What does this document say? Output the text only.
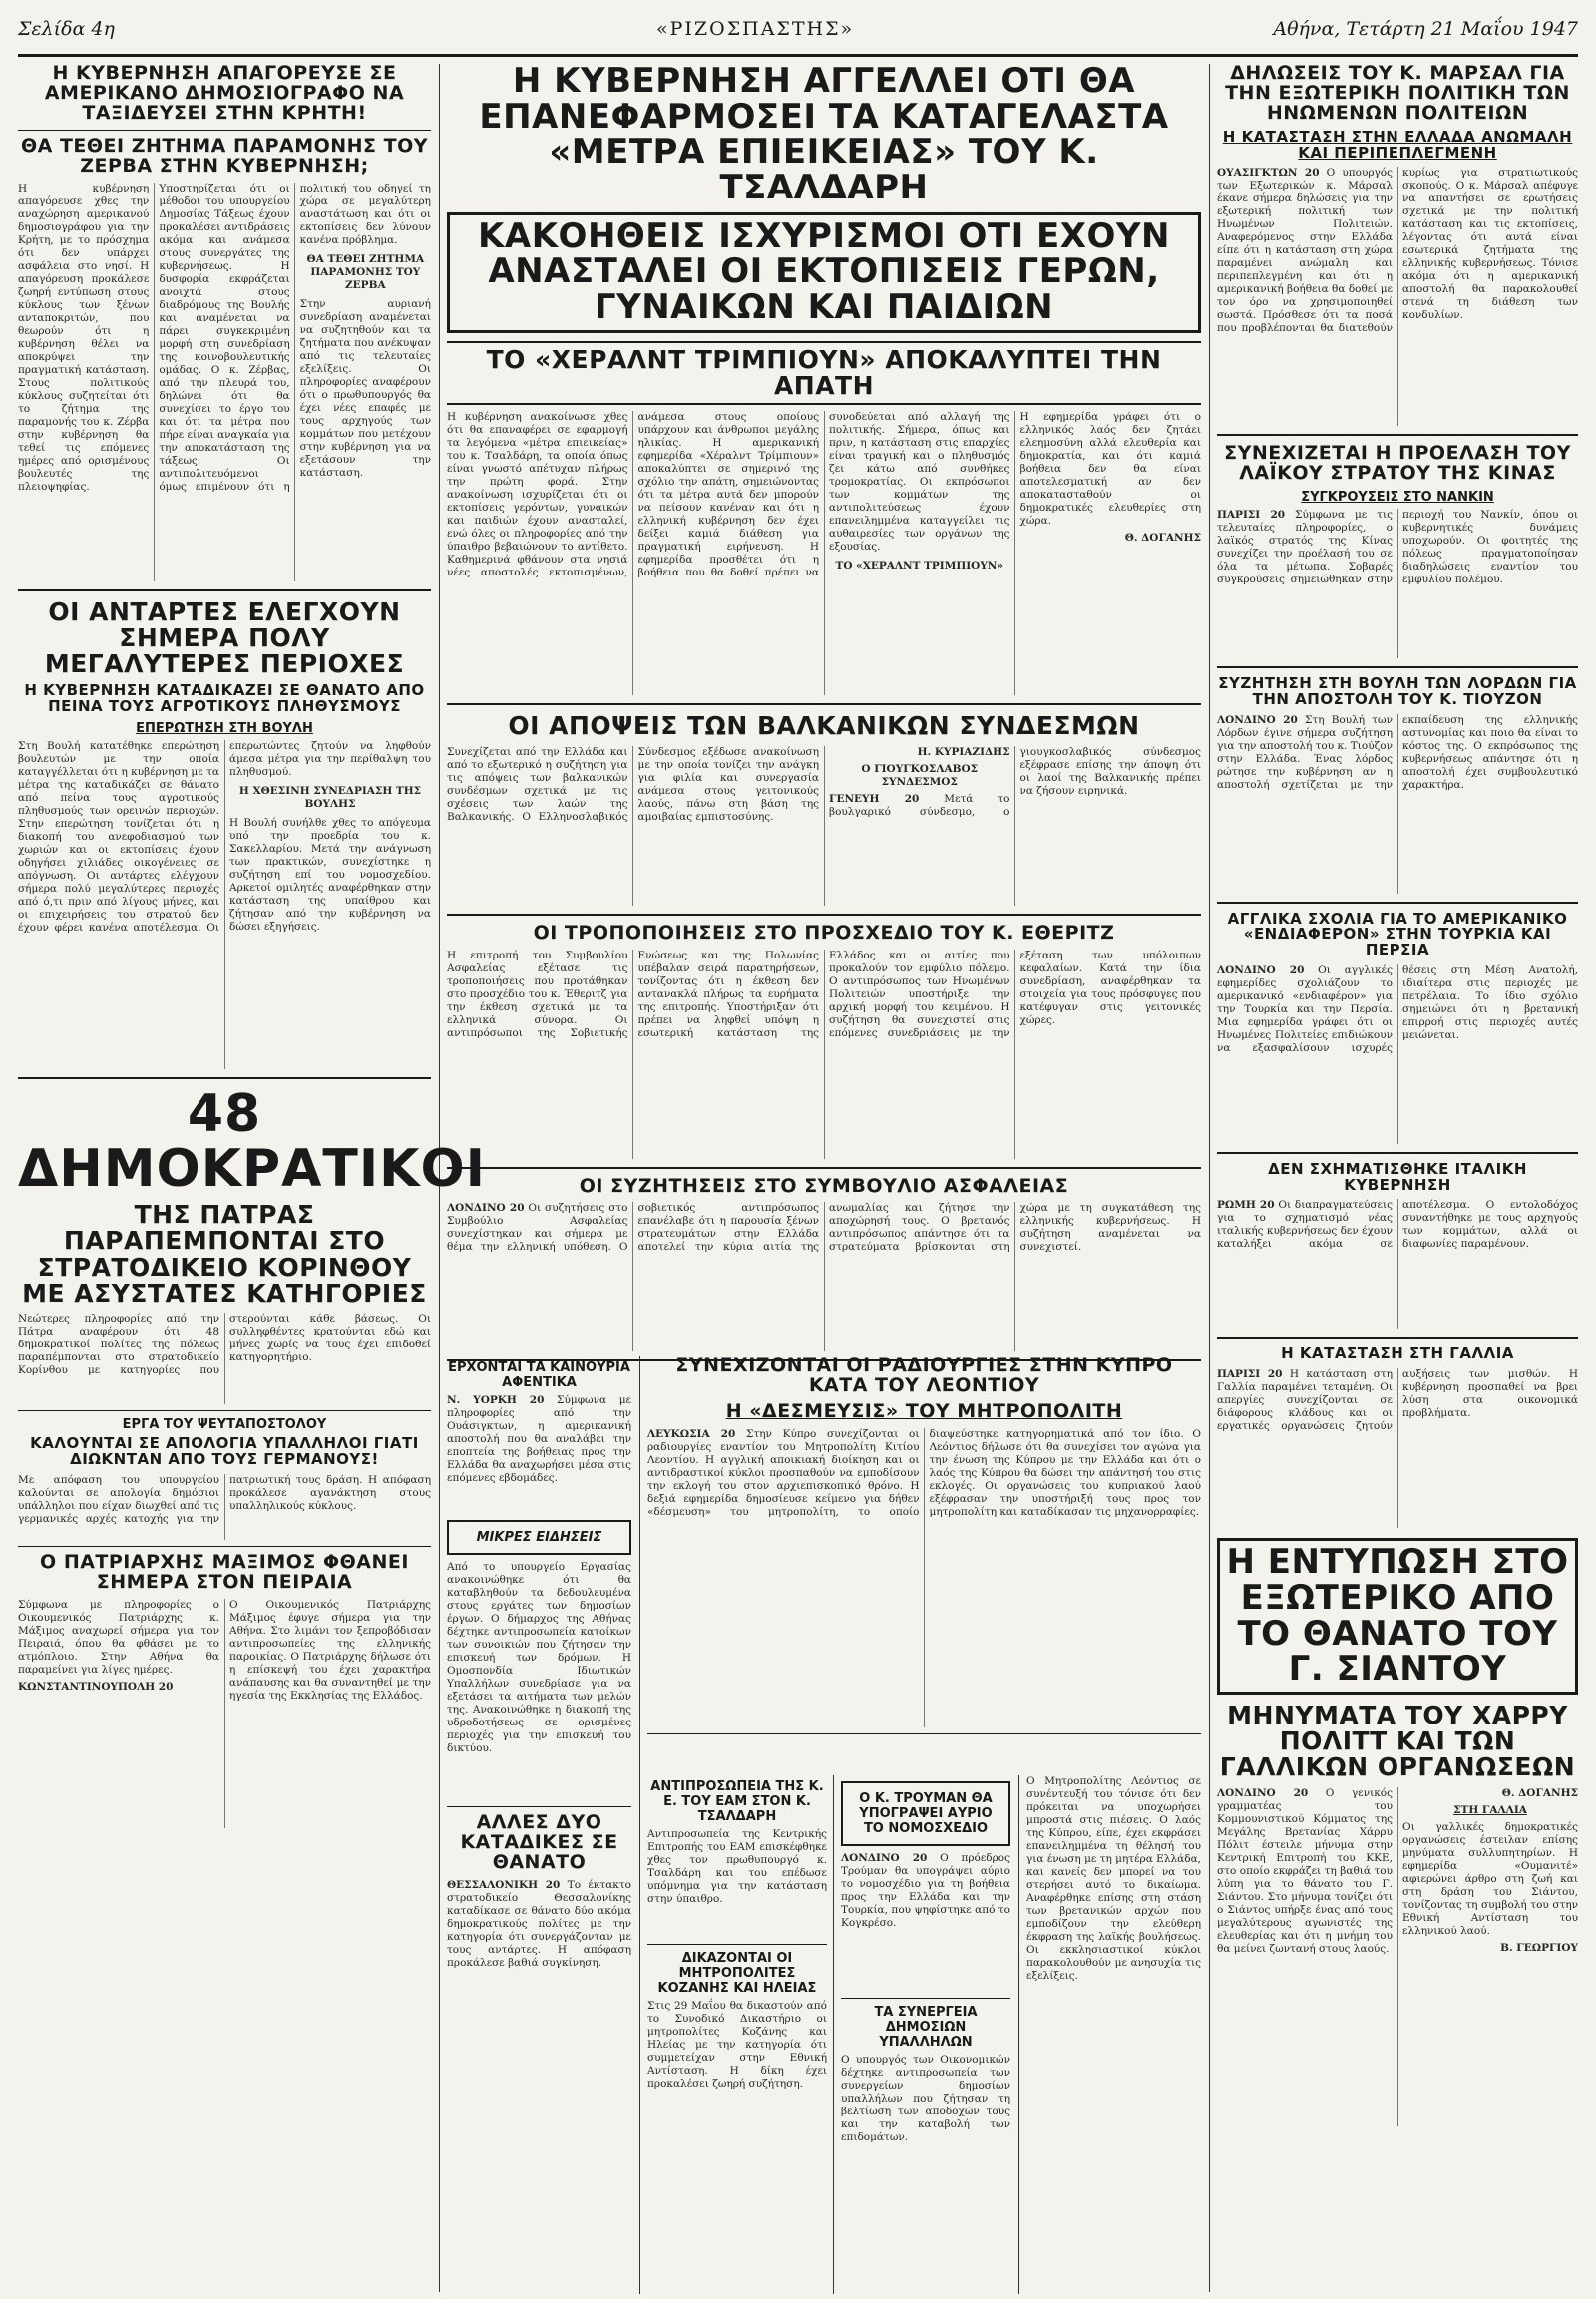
Σελίδα 4η	«ΡΙΖΟΣΠΑΣΤΗΣ»	Αθήνα, Τετάρτη 21 Μαΐου 1947
Η ΚΥΒΕΡΝΗΣΗ ΑΠΑΓΟΡΕΥΣΕ ΣΕ ΑΜΕΡΙΚΑΝΟ ΔΗΜΟΣΙΟΓΡΑΦΟ ΝΑ ΤΑΞΙΔΕΥΣΕΙ ΣΤΗΝ ΚΡΗΤΗ!
ΘΑ ΤΕΘΕΙ ΖΗΤΗΜΑ ΠΑΡΑΜΟΝΗΣ ΤΟΥ ΖΕΡΒΑ ΣΤΗΝ ΚΥΒΕΡΝΗΣΗ;
Η κυβέρνηση απαγόρευσε χθες την αναχώρηση αμερικανού δημοσιογράφου για την Κρήτη, με το πρόσχημα ότι δεν υπάρχει ασφάλεια στο νησί. Η απαγόρευση προκάλεσε ζωηρή εντύπωση στους κύκλους των ξένων ανταποκριτών, που θεωρούν ότι η κυβέρνηση θέλει να αποκρύψει την πραγματική κατάσταση. Στους πολιτικούς κύκλους συζητείται ότι το ζήτημα της παραμονής του κ. Ζέρβα στην κυβέρνηση θα τεθεί τις επόμενες ημέρες από ορισμένους βουλευτές της πλειοψηφίας. Υποστηρίζεται ότι οι μέθοδοι του υπουργείου Δημοσίας Τάξεως έχουν προκαλέσει αντιδράσεις ακόμα και ανάμεσα στους συνεργάτες της κυβερνήσεως. Η δυσφορία εκφράζεται ανοιχτά στους διαδρόμους της Βουλής και αναμένεται να πάρει συγκεκριμένη μορφή στη συνεδρίαση της κοινοβουλευτικής ομάδας. Ο κ. Ζέρβας, από την πλευρά του, δηλώνει ότι θα συνεχίσει το έργο του και ότι τα μέτρα που πήρε είναι αναγκαία για την αποκατάσταση της τάξεως. Οι αντιπολιτευόμενοι όμως επιμένουν ότι η πολιτική του οδηγεί τη χώρα σε μεγαλύτερη αναστάτωση και ότι οι εκτοπίσεις δεν λύνουν κανένα πρόβλημα.
ΘΑ ΤΕΘΕΙ ΖΗΤΗΜΑ ΠΑΡΑΜΟΝΗΣ ΤΟΥ ΖΕΡΒΑ
Στην αυριανή συνεδρίαση αναμένεται να συζητηθούν και τα ζητήματα που ανέκυψαν από τις τελευταίες εξελίξεις. Οι πληροφορίες αναφέρουν ότι ο πρωθυπουργός θα έχει νέες επαφές με τους αρχηγούς των κομμάτων που μετέχουν στην κυβέρνηση για να εξετάσουν την κατάσταση.
ΟΙ ΑΝΤΑΡΤΕΣ ΕΛΕΓΧΟΥΝ ΣΗΜΕΡΑ ΠΟΛΥ ΜΕΓΑΛΥΤΕΡΕΣ ΠΕΡΙΟΧΕΣ
Η ΚΥΒΕΡΝΗΣΗ ΚΑΤΑΔΙΚΑΖΕΙ ΣΕ ΘΑΝΑΤΟ ΑΠΟ ΠΕΙΝΑ ΤΟΥΣ ΑΓΡΟΤΙΚΟΥΣ ΠΛΗΘΥΣΜΟΥΣ
ΕΠΕΡΩΤΗΣΗ ΣΤΗ ΒΟΥΛΗ
Στη Βουλή κατατέθηκε επερώτηση βουλευτών με την οποία καταγγέλλεται ότι η κυβέρνηση με τα μέτρα της καταδικάζει σε θάνατο από πείνα τους αγροτικούς πληθυσμούς των ορεινών περιοχών. Στην επερώτηση τονίζεται ότι η διακοπή του ανεφοδιασμού των χωριών και οι εκτοπίσεις έχουν οδηγήσει χιλιάδες οικογένειες σε απόγνωση. Οι αντάρτες ελέγχουν σήμερα πολύ μεγαλύτερες περιοχές από ό,τι πριν από λίγους μήνες, και οι επιχειρήσεις του στρατού δεν έχουν φέρει κανένα αποτέλεσμα. Οι επερωτώντες ζητούν να ληφθούν άμεσα μέτρα για την περίθαλψη του πληθυσμού.
Η ΧΘΕΣΙΝΗ ΣΥΝΕΔΡΙΑΣΗ ΤΗΣ ΒΟΥΛΗΣ
Η Βουλή συνήλθε χθες το απόγευμα υπό την προεδρία του κ. Σακελλαρίου. Μετά την ανάγνωση των πρακτικών, συνεχίστηκε η συζήτηση επί του νομοσχεδίου. Αρκετοί ομιλητές αναφέρθηκαν στην κατάσταση της υπαίθρου και ζήτησαν από την κυβέρνηση να δώσει εξηγήσεις.
48 ΔΗΜΟΚΡΑΤΙΚΟΙ
ΤΗΣ ΠΑΤΡΑΣ ΠΑΡΑΠΕΜΠΟΝΤΑΙ ΣΤΟ ΣΤΡΑΤΟΔΙΚΕΙΟ ΚΟΡΙΝΘΟΥ ΜΕ ΑΣΥΣΤΑΤΕΣ ΚΑΤΗΓΟΡΙΕΣ
Νεώτερες πληροφορίες από την Πάτρα αναφέρουν ότι 48 δημοκρατικοί πολίτες της πόλεως παραπέμπονται στο στρατοδικείο Κορίνθου με κατηγορίες που στερούνται κάθε βάσεως. Οι συλληφθέντες κρατούνται εδώ και μήνες χωρίς να τους έχει επιδοθεί κατηγορητήριο.
ΕΡΓΑ ΤΟΥ ΨΕΥΤΑΠΟΣΤΟΛΟΥ
ΚΑΛΟΥΝΤΑΙ ΣΕ ΑΠΟΛΟΓΙΑ ΥΠΑΛΛΗΛΟΙ ΓΙΑΤΙ ΔΙΩΚΝΤΑΝ ΑΠΟ ΤΟΥΣ ΓΕΡΜΑΝΟΥΣ!
Με απόφαση του υπουργείου καλούνται σε απολογία δημόσιοι υπάλληλοι που είχαν διωχθεί από τις γερμανικές αρχές κατοχής για την πατριωτική τους δράση. Η απόφαση προκάλεσε αγανάκτηση στους υπαλληλικούς κύκλους.
Ο ΠΑΤΡΙΑΡΧΗΣ ΜΑΞΙΜΟΣ ΦΘΑΝΕΙ ΣΗΜΕΡΑ ΣΤΟΝ ΠΕΙΡΑΙΑ
Σύμφωνα με πληροφορίες ο Οικουμενικός Πατριάρχης κ. Μάξιμος αναχωρεί σήμερα για τον Πειραιά, όπου θα φθάσει με το ατμόπλοιο. Στην Αθήνα θα παραμείνει για λίγες ημέρες.
ΚΩΝΣΤΑΝΤΙΝΟΥΠΟΛΗ 20
Ο Οικουμενικός Πατριάρχης Μάξιμος έφυγε σήμερα για την Αθήνα. Στο λιμάνι τον ξεπροβόδισαν αντιπροσωπείες της ελληνικής παροικίας. Ο Πατριάρχης δήλωσε ότι η επίσκεψή του έχει χαρακτήρα ανάπαυσης και θα συναντηθεί με την ηγεσία της Εκκλησίας της Ελλάδος.
Η ΚΥΒΕΡΝΗΣΗ ΑΓΓΕΛΛΕΙ ΟΤΙ ΘΑ ΕΠΑΝΕΦΑΡΜΟΣΕΙ ΤΑ ΚΑΤΑΓΕΛΑΣΤΑ «ΜΕΤΡΑ ΕΠΙΕΙΚΕΙΑΣ» ΤΟΥ Κ. ΤΣΑΛΔΑΡΗ
ΚΑΚΟΗΘΕΙΣ ΙΣΧΥΡΙΣΜΟΙ ΟΤΙ ΕΧΟΥΝ ΑΝΑΣΤΑΛΕΙ ΟΙ ΕΚΤΟΠΙΣΕΙΣ ΓΕΡΩΝ, ΓΥΝΑΙΚΩΝ ΚΑΙ ΠΑΙΔΙΩΝ
ΤΟ «ΧΕΡΑΛΝΤ ΤΡΙΜΠΙΟΥΝ» ΑΠΟΚΑΛΥΠΤΕΙ ΤΗΝ ΑΠΑΤΗ
Η κυβέρνηση ανακοίνωσε χθες ότι θα επαναφέρει σε εφαρμογή τα λεγόμενα «μέτρα επιεικείας» του κ. Τσαλδάρη, τα οποία όπως είναι γνωστό απέτυχαν πλήρως την πρώτη φορά. Στην ανακοίνωση ισχυρίζεται ότι οι εκτοπίσεις γερόντων, γυναικών και παιδιών έχουν ανασταλεί, ενώ όλες οι πληροφορίες από την ύπαιθρο βεβαιώνουν το αντίθετο. Καθημερινά φθάνουν στα νησιά νέες αποστολές εκτοπισμένων, ανάμεσα στους οποίους υπάρχουν και άνθρωποι μεγάλης ηλικίας. Η αμερικανική εφημερίδα «Χέραλντ Τρίμπιουν» αποκαλύπτει σε σημερινό της σχόλιο την απάτη, σημειώνοντας ότι τα μέτρα αυτά δεν μπορούν να πείσουν κανέναν και ότι η ελληνική κυβέρνηση δεν έχει δείξει καμιά διάθεση για πραγματική ειρήνευση. Η εφημερίδα προσθέτει ότι η βοήθεια που θα δοθεί πρέπει να συνοδεύεται από αλλαγή της πολιτικής. Σήμερα, όπως και πριν, η κατάσταση στις επαρχίες είναι τραγική και ο πληθυσμός ζει κάτω από συνθήκες τρομοκρατίας. Οι εκπρόσωποι των κομμάτων της αντιπολιτεύσεως έχουν επανειλημμένα καταγγείλει τις αυθαιρεσίες των οργάνων της εξουσίας.
ΤΟ «ΧΕΡΑΛΝΤ ΤΡΙΜΠΙΟΥΝ»
Η εφημερίδα γράφει ότι ο ελληνικός λαός δεν ζητάει ελεημοσύνη αλλά ελευθερία και δημοκρατία, και ότι καμιά βοήθεια δεν θα είναι αποτελεσματική αν δεν αποκατασταθούν οι δημοκρατικές ελευθερίες στη χώρα.
Θ. ΔΟΓΑΝΗΣ
ΟΙ ΑΠΟΨΕΙΣ ΤΩΝ ΒΑΛΚΑΝΙΚΩΝ ΣΥΝΔΕΣΜΩΝ
Συνεχίζεται από την Ελλάδα και από το εξωτερικό η συζήτηση για τις απόψεις των βαλκανικών συνδέσμων σχετικά με τις σχέσεις των λαών της Βαλκανικής. Ο Ελληνοσλαβικός Σύνδεσμος εξέδωσε ανακοίνωση με την οποία τονίζει την ανάγκη για φιλία και συνεργασία ανάμεσα στους γειτονικούς λαούς, πάνω στη βάση της αμοιβαίας εμπιστοσύνης.
Η. ΚΥΡΙΑΖΙΔΗΣ
Ο ΓΙΟΥΓΚΟΣΛΑΒΟΣ ΣΥΝΔΕΣΜΟΣ
ΓΕΝΕΥΗ 20 Μετά το βουλγαρικό σύνδεσμο, ο γιουγκοσλαβικός σύνδεσμος εξέφρασε επίσης την άποψη ότι οι λαοί της Βαλκανικής πρέπει να ζήσουν ειρηνικά.
ΟΙ ΤΡΟΠΟΠΟΙΗΣΕΙΣ ΣΤΟ ΠΡΟΣΧΕΔΙΟ ΤΟΥ Κ. ΕΘΕΡΙΤΖ
Η επιτροπή του Συμβουλίου Ασφαλείας εξέτασε τις τροποποιήσεις που προτάθηκαν στο προσχέδιο του κ. Έθεριτζ για την έκθεση σχετικά με τα ελληνικά σύνορα. Οι αντιπρόσωποι της Σοβιετικής Ενώσεως και της Πολωνίας υπέβαλαν σειρά παρατηρήσεων, τονίζοντας ότι η έκθεση δεν αντανακλά πλήρως τα ευρήματα της επιτροπής. Υποστήριξαν ότι πρέπει να ληφθεί υπόψη η εσωτερική κατάσταση της Ελλάδος και οι αιτίες που προκαλούν τον εμφύλιο πόλεμο. Ο αντιπρόσωπος των Ηνωμένων Πολιτειών υποστήριξε την αρχική μορφή του κειμένου. Η συζήτηση θα συνεχιστεί στις επόμενες συνεδριάσεις με την εξέταση των υπόλοιπων κεφαλαίων. Κατά την ίδια συνεδρίαση, αναφέρθηκαν τα στοιχεία για τους πρόσφυγες που κατέφυγαν στις γειτονικές χώρες.
ΟΙ ΣΥΖΗΤΗΣΕΙΣ ΣΤΟ ΣΥΜΒΟΥΛΙΟ ΑΣΦΑΛΕΙΑΣ
ΛΟΝΔΙΝΟ 20 Οι συζητήσεις στο Συμβούλιο Ασφαλείας συνεχίστηκαν και σήμερα με θέμα την ελληνική υπόθεση. Ο σοβιετικός αντιπρόσωπος επανέλαβε ότι η παρουσία ξένων στρατευμάτων στην Ελλάδα αποτελεί την κύρια αιτία της ανωμαλίας και ζήτησε την αποχώρησή τους. Ο βρετανός αντιπρόσωπος απάντησε ότι τα στρατεύματα βρίσκονται στη χώρα με τη συγκατάθεση της ελληνικής κυβερνήσεως. Η συζήτηση αναμένεται να συνεχιστεί.
ΕΡΧΟΝΤΑΙ ΤΑ ΚΑΙΝΟΥΡΙΑ ΑΦΕΝΤΙΚΑ
Ν. ΥΟΡΚΗ 20 Σύμφωνα με πληροφορίες από την Ουάσιγκτων, η αμερικανική αποστολή που θα αναλάβει την εποπτεία της βοήθειας προς την Ελλάδα θα αναχωρήσει μέσα στις επόμενες εβδομάδες.
ΜΙΚΡΕΣ ΕΙΔΗΣΕΙΣ
Από το υπουργείο Εργασίας ανακοινώθηκε ότι θα καταβληθούν τα δεδουλευμένα στους εργάτες των δημοσίων έργων. Ο δήμαρχος της Αθήνας δέχτηκε αντιπροσωπεία κατοίκων των συνοικιών που ζήτησαν την επισκευή των δρόμων. Η Ομοσπονδία Ιδιωτικών Υπαλλήλων συνεδρίασε για να εξετάσει τα αιτήματα των μελών της. Ανακοινώθηκε η διακοπή της υδροδοτήσεως σε ορισμένες περιοχές για την επισκευή του δικτύου.
ΑΛΛΕΣ ΔΥΟ ΚΑΤΑΔΙΚΕΣ ΣΕ ΘΑΝΑΤΟ
ΘΕΣΣΑΛΟΝΙΚΗ 20 Το έκτακτο στρατοδικείο Θεσσαλονίκης καταδίκασε σε θάνατο δύο ακόμα δημοκρατικούς πολίτες με την κατηγορία ότι συνεργάζονταν με τους αντάρτες. Η απόφαση προκάλεσε βαθιά συγκίνηση.
ΣΥΝΕΧΙΖΟΝΤΑΙ ΟΙ ΡΑΔΙΟΥΡΓΙΕΣ ΣΤΗΝ ΚΥΠΡΟ ΚΑΤΑ ΤΟΥ ΛΕΟΝΤΙΟΥ
Η «ΔΕΣΜΕΥΣΙΣ» ΤΟΥ ΜΗΤΡΟΠΟΛΙΤΗ
ΛΕΥΚΩΣΙΑ 20 Στην Κύπρο συνεχίζονται οι ραδιουργίες εναντίον του Μητροπολίτη Κιτίου Λεοντίου. Η αγγλική αποικιακή διοίκηση και οι αντιδραστικοί κύκλοι προσπαθούν να εμποδίσουν την εκλογή του στον αρχιεπισκοπικό θρόνο. Η δεξιά εφημερίδα δημοσίευσε κείμενο για δήθεν «δέσμευση» του μητροπολίτη, το οποίο διαψεύστηκε κατηγορηματικά από τον ίδιο. Ο Λεόντιος δήλωσε ότι θα συνεχίσει τον αγώνα για την ένωση της Κύπρου με την Ελλάδα και ότι ο λαός της Κύπρου θα δώσει την απάντησή του στις εκλογές. Οι οργανώσεις του κυπριακού λαού εξέφρασαν την υποστήριξή τους προς τον μητροπολίτη και καταδίκασαν τις μηχανορραφίες.
ΑΝΤΙΠΡΟΣΩΠΕΙΑ ΤΗΣ Κ. Ε. ΤΟΥ ΕΑΜ ΣΤΟΝ Κ. ΤΣΑΛΔΑΡΗ
Αντιπροσωπεία της Κεντρικής Επιτροπής του ΕΑΜ επισκέφθηκε χθες τον πρωθυπουργό κ. Τσαλδάρη και του επέδωσε υπόμνημα για την κατάσταση στην ύπαιθρο.
ΔΙΚΑΖΟΝΤΑΙ ΟΙ ΜΗΤΡΟΠΟΛΙΤΕΣ ΚΟΖΑΝΗΣ ΚΑΙ ΗΛΕΙΑΣ
Στις 29 Μαΐου θα δικαστούν από το Συνοδικό Δικαστήριο οι μητροπολίτες Κοζάνης και Ηλείας με την κατηγορία ότι συμμετείχαν στην Εθνική Αντίσταση. Η δίκη έχει προκαλέσει ζωηρή συζήτηση.
Ο Κ. ΤΡΟΥΜΑΝ ΘΑ ΥΠΟΓΡΑΨΕΙ ΑΥΡΙΟ ΤΟ ΝΟΜΟΣΧΕΔΙΟ
ΛΟΝΔΙΝΟ 20 Ο πρόεδρος Τρούμαν θα υπογράψει αύριο το νομοσχέδιο για τη βοήθεια προς την Ελλάδα και την Τουρκία, που ψηφίστηκε από το Κογκρέσο.
ΤΑ ΣΥΝΕΡΓΕΙΑ ΔΗΜΟΣΙΩΝ ΥΠΑΛΛΗΛΩΝ
Ο υπουργός των Οικονομικών δέχτηκε αντιπροσωπεία των συνεργείων δημοσίων υπαλλήλων που ζήτησαν τη βελτίωση των αποδοχών τους και την καταβολή των επιδομάτων.
Ο Μητροπολίτης Λεόντιος σε συνέντευξή του τόνισε ότι δεν πρόκειται να υποχωρήσει μπροστά στις πιέσεις. Ο λαός της Κύπρου, είπε, έχει εκφράσει επανειλημμένα τη θέλησή του για ένωση με τη μητέρα Ελλάδα, και κανείς δεν μπορεί να του στερήσει αυτό το δικαίωμα. Αναφέρθηκε επίσης στη στάση των βρετανικών αρχών που εμποδίζουν την ελεύθερη έκφραση της λαϊκής βουλήσεως. Οι εκκλησιαστικοί κύκλοι παρακολουθούν με ανησυχία τις εξελίξεις.
ΔΗΛΩΣΕΙΣ ΤΟΥ Κ. ΜΑΡΣΑΛ ΓΙΑ ΤΗΝ ΕΞΩΤΕΡΙΚΗ ΠΟΛΙΤΙΚΗ ΤΩΝ ΗΝΩΜΕΝΩΝ ΠΟΛΙΤΕΙΩΝ
Η ΚΑΤΑΣΤΑΣΗ ΣΤΗΝ ΕΛΛΑΔΑ ΑΝΩΜΑΛΗ ΚΑΙ ΠΕΡΙΠΕΠΛΕΓΜΕΝΗ
ΟΥΑΣΙΓΚΤΩΝ 20 Ο υπουργός των Εξωτερικών κ. Μάρσαλ έκανε σήμερα δηλώσεις για την εξωτερική πολιτική των Ηνωμένων Πολιτειών. Αναφερόμενος στην Ελλάδα είπε ότι η κατάσταση στη χώρα παραμένει ανώμαλη και περιπεπλεγμένη και ότι η αμερικανική βοήθεια θα δοθεί με τον όρο να χρησιμοποιηθεί σωστά. Πρόσθεσε ότι τα ποσά που προβλέπονται θα διατεθούν κυρίως για στρατιωτικούς σκοπούς. Ο κ. Μάρσαλ απέφυγε να απαντήσει σε ερωτήσεις σχετικά με την πολιτική κατάσταση και τις εκτοπίσεις, λέγοντας ότι αυτά είναι εσωτερικά ζητήματα της ελληνικής κυβερνήσεως. Τόνισε ακόμα ότι η αμερικανική αποστολή θα παρακολουθεί στενά τη διάθεση των κονδυλίων.
ΣΥΝΕΧΙΖΕΤΑΙ Η ΠΡΟΕΛΑΣΗ ΤΟΥ ΛΑΪΚΟΥ ΣΤΡΑΤΟΥ ΤΗΣ ΚΙΝΑΣ
ΣΥΓΚΡΟΥΣΕΙΣ ΣΤΟ ΝΑΝΚΙΝ
ΠΑΡΙΣΙ 20 Σύμφωνα με τις τελευταίες πληροφορίες, ο λαϊκός στρατός της Κίνας συνεχίζει την προέλασή του σε όλα τα μέτωπα. Σοβαρές συγκρούσεις σημειώθηκαν στην περιοχή του Νανκίν, όπου οι κυβερνητικές δυνάμεις υποχωρούν. Οι φοιτητές της πόλεως πραγματοποίησαν διαδηλώσεις εναντίον του εμφυλίου πολέμου.
ΣΥΖΗΤΗΣΗ ΣΤΗ ΒΟΥΛΗ ΤΩΝ ΛΟΡΔΩΝ ΓΙΑ ΤΗΝ ΑΠΟΣΤΟΛΗ ΤΟΥ Κ. ΤΙΟΥΖΟΝ
ΛΟΝΔΙΝΟ 20 Στη Βουλή των Λόρδων έγινε σήμερα συζήτηση για την αποστολή του κ. Τιούζον στην Ελλάδα. Ένας λόρδος ρώτησε την κυβέρνηση αν η αποστολή σχετίζεται με την εκπαίδευση της ελληνικής αστυνομίας και ποιο θα είναι το κόστος της. Ο εκπρόσωπος της κυβερνήσεως απάντησε ότι η αποστολή έχει συμβουλευτικό χαρακτήρα.
ΑΓΓΛΙΚΑ ΣΧΟΛΙΑ ΓΙΑ ΤΟ ΑΜΕΡΙΚΑΝΙΚΟ «ΕΝΔΙΑΦΕΡΟΝ» ΣΤΗΝ ΤΟΥΡΚΙΑ ΚΑΙ ΠΕΡΣΙΑ
ΛΟΝΔΙΝΟ 20 Οι αγγλικές εφημερίδες σχολιάζουν το αμερικανικό «ενδιαφέρον» για την Τουρκία και την Περσία. Μια εφημερίδα γράφει ότι οι Ηνωμένες Πολιτείες επιδιώκουν να εξασφαλίσουν ισχυρές θέσεις στη Μέση Ανατολή, ιδιαίτερα στις περιοχές με πετρέλαια. Το ίδιο σχόλιο σημειώνει ότι η βρετανική επιρροή στις περιοχές αυτές μειώνεται.
ΔΕΝ ΣΧΗΜΑΤΙΣΘΗΚΕ ΙΤΑΛΙΚΗ ΚΥΒΕΡΝΗΣΗ
ΡΩΜΗ 20 Οι διαπραγματεύσεις για το σχηματισμό νέας ιταλικής κυβερνήσεως δεν έχουν καταλήξει ακόμα σε αποτέλεσμα. Ο εντολοδόχος συναντήθηκε με τους αρχηγούς των κομμάτων, αλλά οι διαφωνίες παραμένουν.
Η ΚΑΤΑΣΤΑΣΗ ΣΤΗ ΓΑΛΛΙΑ
ΠΑΡΙΣΙ 20 Η κατάσταση στη Γαλλία παραμένει τεταμένη. Οι απεργίες συνεχίζονται σε διάφορους κλάδους και οι εργατικές οργανώσεις ζητούν αυξήσεις των μισθών. Η κυβέρνηση προσπαθεί να βρει λύση στα οικονομικά προβλήματα.
Η ΕΝΤΥΠΩΣΗ ΣΤΟ ΕΞΩΤΕΡΙΚΟ ΑΠΟ ΤΟ ΘΑΝΑΤΟ ΤΟΥ Γ. ΣΙΑΝΤΟΥ
ΜΗΝΥΜΑΤΑ ΤΟΥ ΧΑΡΡΥ ΠΟΛΙΤΤ ΚΑΙ ΤΩΝ ΓΑΛΛΙΚΩΝ ΟΡΓΑΝΩΣΕΩΝ
ΛΟΝΔΙΝΟ 20 Ο γενικός γραμματέας του Κομμουνιστικού Κόμματος της Μεγάλης Βρετανίας Χάρρυ Πόλιτ έστειλε μήνυμα στην Κεντρική Επιτροπή του ΚΚΕ, στο οποίο εκφράζει τη βαθιά του λύπη για το θάνατο του Γ. Σιάντου. Στο μήνυμα τονίζει ότι ο Σιάντος υπήρξε ένας από τους μεγαλύτερους αγωνιστές της ελευθερίας και ότι η μνήμη του θα μείνει ζωντανή στους λαούς.
Θ. ΔΟΓΑΝΗΣ
ΣΤΗ ΓΑΛΛΙΑ
Οι γαλλικές δημοκρατικές οργανώσεις έστειλαν επίσης μηνύματα συλλυπητηρίων. Η εφημερίδα «Ουμανιτέ» αφιερώνει άρθρο στη ζωή και στη δράση του Σιάντου, τονίζοντας τη συμβολή του στην Εθνική Αντίσταση του ελληνικού λαού.
Β. ΓΕΩΡΓΙΟΥ
